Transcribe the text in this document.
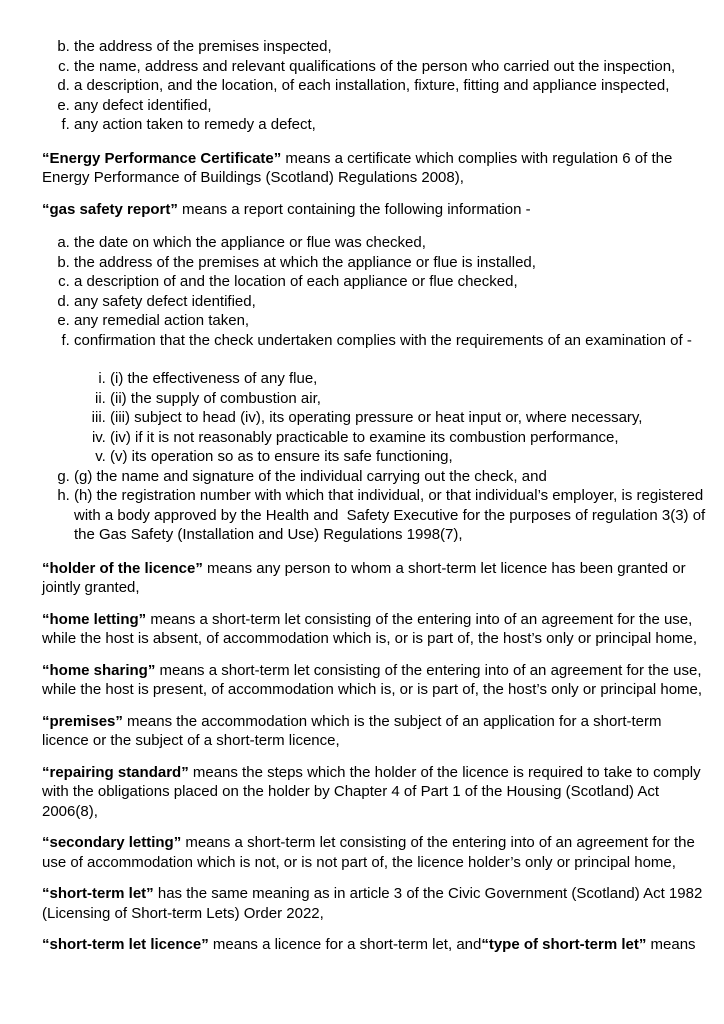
b. the address of the premises inspected,
c. the name, address and relevant qualifications of the person who carried out the inspection,
d. a description, and the location, of each installation, fixture, fitting and appliance inspected,
e. any defect identified,
f. any action taken to remedy a defect,

“Energy Performance Certificate” means a certificate which complies with regulation 6 of the Energy Performance of Buildings (Scotland) Regulations 2008),

“gas safety report” means a report containing the following information -

a. the date on which the appliance or flue was checked,
b. the address of the premises at which the appliance or flue is installed,
c. a description of and the location of each appliance or flue checked,
d. any safety defect identified,
e. any remedial action taken,
f. confirmation that the check undertaken complies with the requirements of an examination of -
i. (i) the effectiveness of any flue,
ii. (ii) the supply of combustion air,
iii. (iii) subject to head (iv), its operating pressure or heat input or, where necessary,
iv. (iv) if it is not reasonably practicable to examine its combustion performance,
v. (v) its operation so as to ensure its safe functioning,
g. (g) the name and signature of the individual carrying out the check, and
h. (h) the registration number with which that individual, or that individual’s employer, is registered with a body approved by the Health and  Safety Executive for the purposes of regulation 3(3) of the Gas Safety (Installation and Use) Regulations 1998(7),

“holder of the licence” means any person to whom a short-term let licence has been granted or jointly granted,

“home letting” means a short-term let consisting of the entering into of an agreement for the use, while the host is absent, of accommodation which is, or is part of, the host’s only or principal home,

“home sharing” means a short-term let consisting of the entering into of an agreement for the use, while the host is present, of accommodation which is, or is part of, the host’s only or principal home,

“premises” means the accommodation which is the subject of an application for a short-term licence or the subject of a short-term licence,

“repairing standard” means the steps which the holder of the licence is required to take to comply with the obligations placed on the holder by Chapter 4 of Part 1 of the Housing (Scotland) Act 2006(8),

“secondary letting” means a short-term let consisting of the entering into of an agreement for the use of accommodation which is not, or is not part of, the licence holder’s only or principal home,

“short-term let” has the same meaning as in article 3 of the Civic Government (Scotland) Act 1982 (Licensing of Short-term Lets) Order 2022,

“short-term let licence” means a licence for a short-term let, and“type of short-term let” means
